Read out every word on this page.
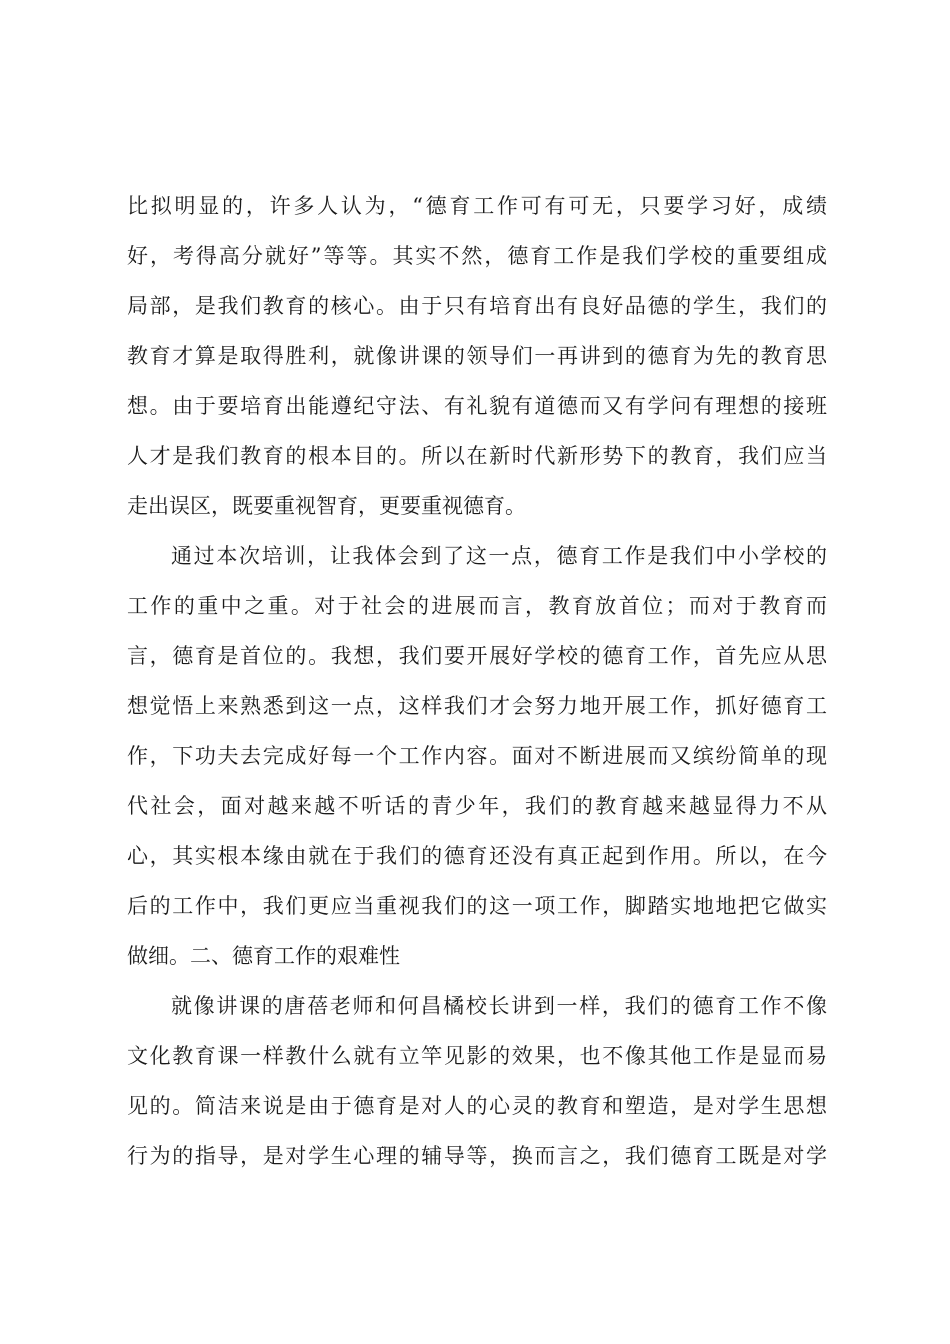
比拟明显的，许多人认为，“德育工作可有可无，只要学习好，成绩

好，考得高分就好”等等。其实不然，德育工作是我们学校的重要组成

局部，是我们教育的核心。由于只有培育出有良好品德的学生，我们的

教育才算是取得胜利，就像讲课的领导们一再讲到的德育为先的教育思

想。由于要培育出能遵纪守法、有礼貌有道德而又有学问有理想的接班

人才是我们教育的根本目的。所以在新时代新形势下的教育，我们应当

走出误区，既要重视智育，更要重视德育。

通过本次培训，让我体会到了这一点，德育工作是我们中小学校的

工作的重中之重。对于社会的进展而言，教育放首位；而对于教育而

言，德育是首位的。我想，我们要开展好学校的德育工作，首先应从思

想觉悟上来熟悉到这一点，这样我们才会努力地开展工作，抓好德育工

作，下功夫去完成好每一个工作内容。面对不断进展而又缤纷简单的现

代社会，面对越来越不听话的青少年，我们的教育越来越显得力不从

心，其实根本缘由就在于我们的德育还没有真正起到作用。所以，在今

后的工作中，我们更应当重视我们的这一项工作，脚踏实地地把它做实

做细。二、德育工作的艰难性

就像讲课的唐蓓老师和何昌橘校长讲到一样，我们的德育工作不像

文化教育课一样教什么就有立竿见影的效果，也不像其他工作是显而易

见的。简洁来说是由于德育是对人的心灵的教育和塑造，是对学生思想

行为的指导，是对学生心理的辅导等，换而言之，我们德育工既是对学
